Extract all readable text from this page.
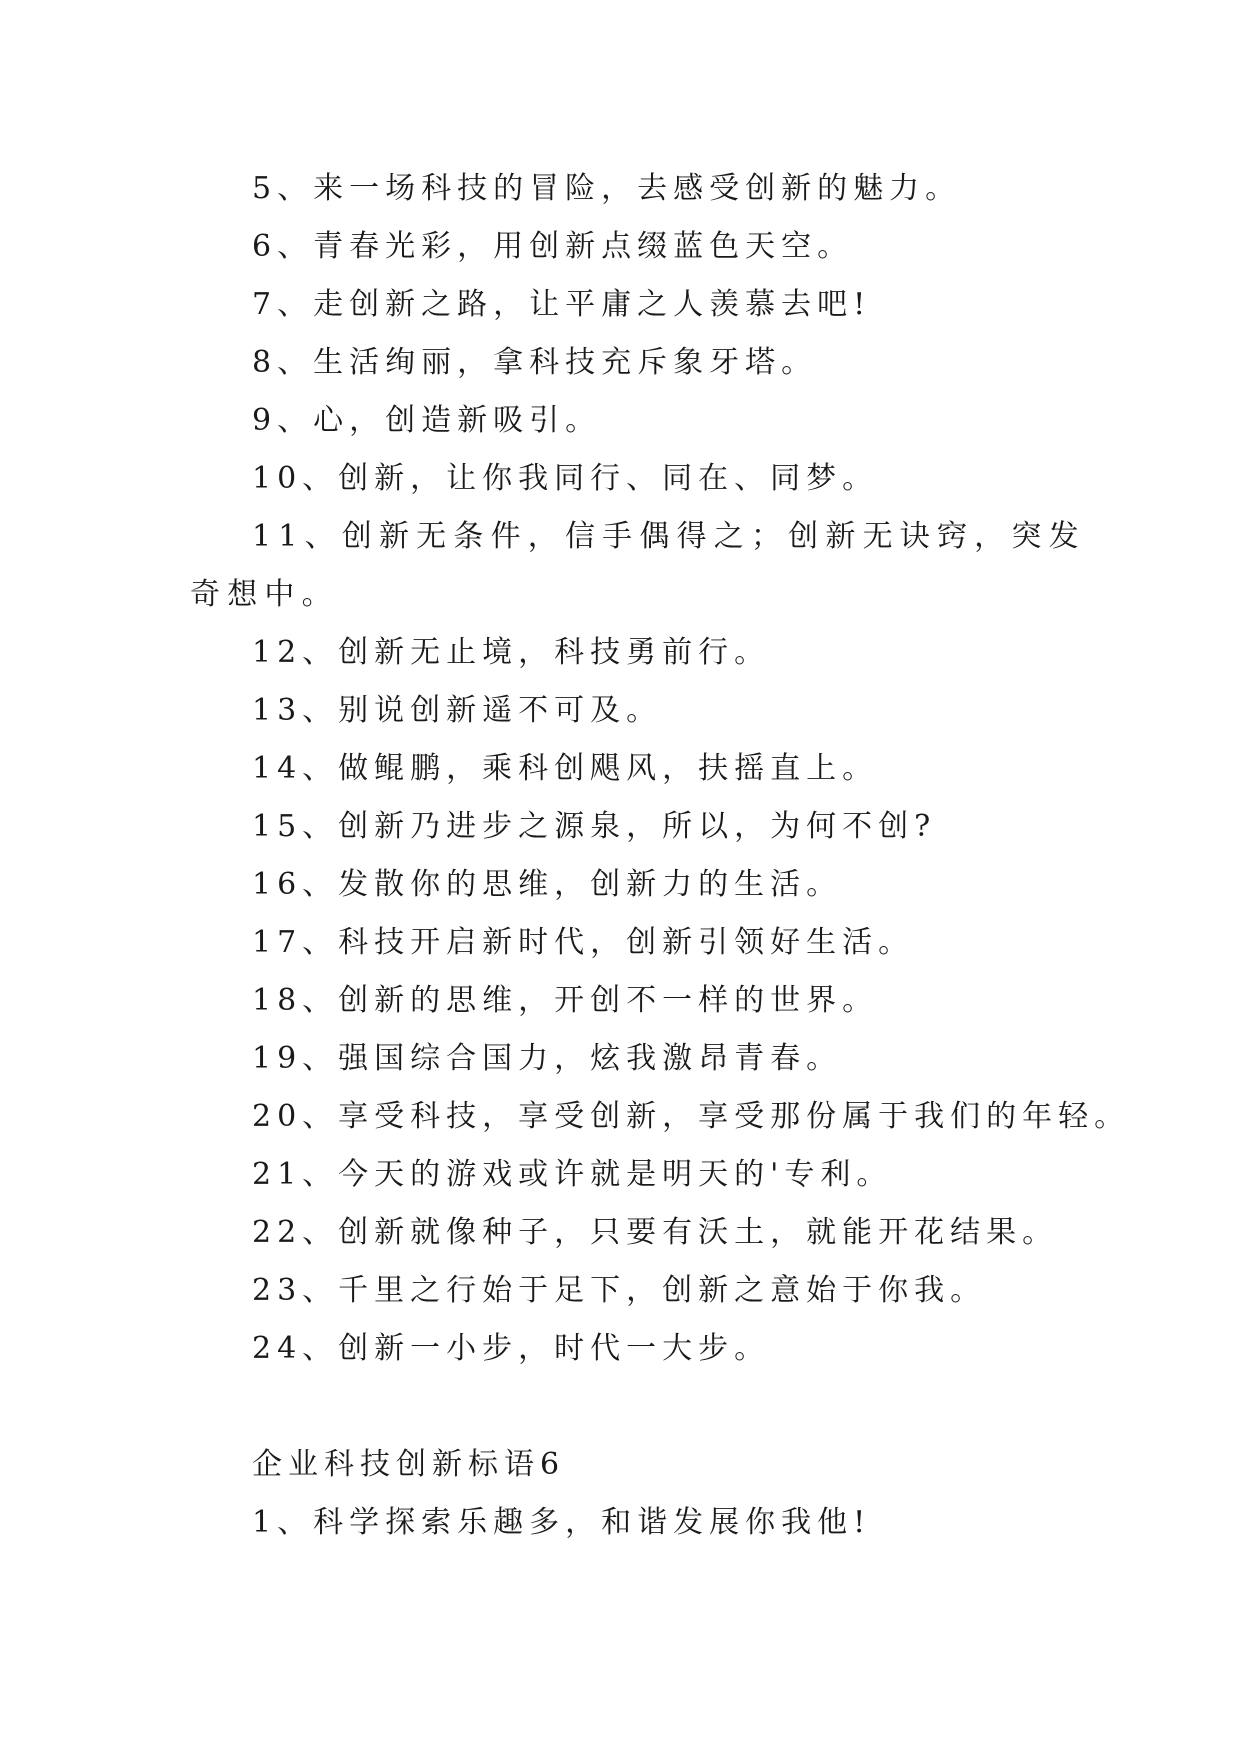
5、来一场科技的冒险，去感受创新的魅力。
6、青春光彩，用创新点缀蓝色天空。
7、走创新之路，让平庸之人羡慕去吧!
8、生活绚丽，拿科技充斥象牙塔。
9、心，创造新吸引。
10、创新，让你我同行、同在、同梦。
11、创新无条件，信手偶得之；创新无诀窍，突发奇想中。
12、创新无止境，科技勇前行。
13、别说创新遥不可及。
14、做鲲鹏，乘科创飓风，扶摇直上。
15、创新乃进步之源泉，所以，为何不创?
16、发散你的思维，创新力的生活。
17、科技开启新时代，创新引领好生活。
18、创新的思维，开创不一样的世界。
19、强国综合国力，炫我激昂青春。
20、享受科技，享受创新，享受那份属于我们的年轻。
21、今天的游戏或许就是明天的'专利。
22、创新就像种子，只要有沃土，就能开花结果。
23、千里之行始于足下，创新之意始于你我。
24、创新一小步，时代一大步。
企业科技创新标语6
1、科学探索乐趣多，和谐发展你我他!
